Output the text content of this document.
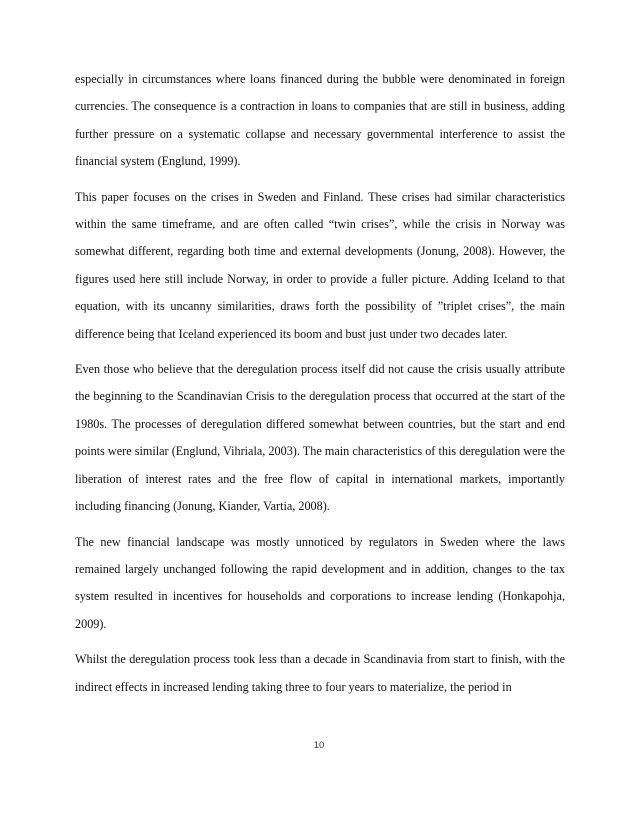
especially in circumstances where loans financed during the bubble were denominated in foreign currencies. The consequence is a contraction in loans to companies that are still in business, adding further pressure on a systematic collapse and necessary governmental interference to assist the financial system (Englund, 1999).

This paper focuses on the crises in Sweden and Finland. These crises had similar characteristics within the same timeframe, and are often called “twin crises”, while the crisis in Norway was somewhat different, regarding both time and external developments (Jonung, 2008). However, the figures used here still include Norway, in order to provide a fuller picture. Adding Iceland to that equation, with its uncanny similarities, draws forth the possibility of ”triplet crises”, the main difference being that Iceland experienced its boom and bust just under two decades later.

Even those who believe that the deregulation process itself did not cause the crisis usually attribute the beginning to the Scandinavian Crisis to the deregulation process that occurred at the start of the 1980s. The processes of deregulation differed somewhat between countries, but the start and end points were similar (Englund, Vihriala, 2003). The main characteristics of this deregulation were the liberation of interest rates and the free flow of capital in international markets, importantly including financing (Jonung, Kiander, Vartia, 2008).

The new financial landscape was mostly unnoticed by regulators in Sweden where the laws remained largely unchanged following the rapid development and in addition, changes to the tax system resulted in incentives for households and corporations to increase lending (Honkapohja, 2009).

Whilst the deregulation process took less than a decade in Scandinavia from start to finish, with the indirect effects in increased lending taking three to four years to materialize, the period in

10
